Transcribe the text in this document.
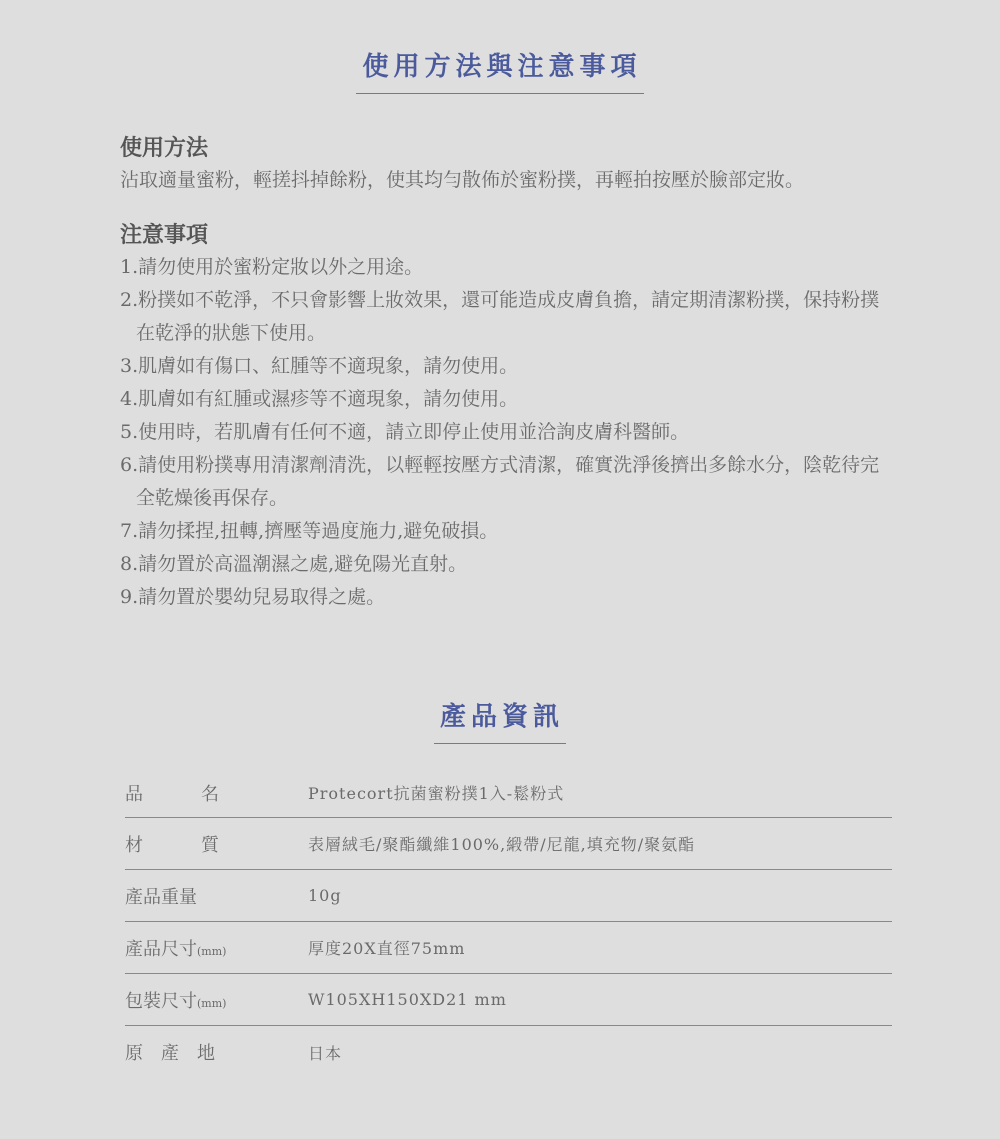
使用方法與注意事項

使用方法

沾取適量蜜粉，輕搓抖掉餘粉，使其均勻散佈於蜜粉撲，再輕拍按壓於臉部定妝。

注意事項

1.請勿使用於蜜粉定妝以外之用途。
2.粉撲如不乾淨，不只會影響上妝效果，還可能造成皮膚負擔，請定期清潔粉撲，保持粉撲在乾淨的狀態下使用。
3.肌膚如有傷口、紅腫等不適現象，請勿使用。
4.肌膚如有紅腫或濕疹等不適現象，請勿使用。
5.使用時，若肌膚有任何不適，請立即停止使用並洽詢皮膚科醫師。
6.請使用粉撲專用清潔劑清洗，以輕輕按壓方式清潔，確實洗淨後擠出多餘水分，陰乾待完全乾燥後再保存。
7.請勿揉捏,扭轉,擠壓等過度施力,避免破損。
8.請勿置於高溫潮濕之處,避免陽光直射。
9.請勿置於嬰幼兒易取得之處。
產品資訊
品名	Protecort抗菌蜜粉撲1入-鬆粉式
材質	表層絨毛/聚酯纖維100%,緞帶/尼龍,填充物/聚氨酯
產品重量	10g
產品尺寸(mm)	厚度20X直徑75mm
包裝尺寸(mm)	W105XH150XD21 mm
原產地	日本
